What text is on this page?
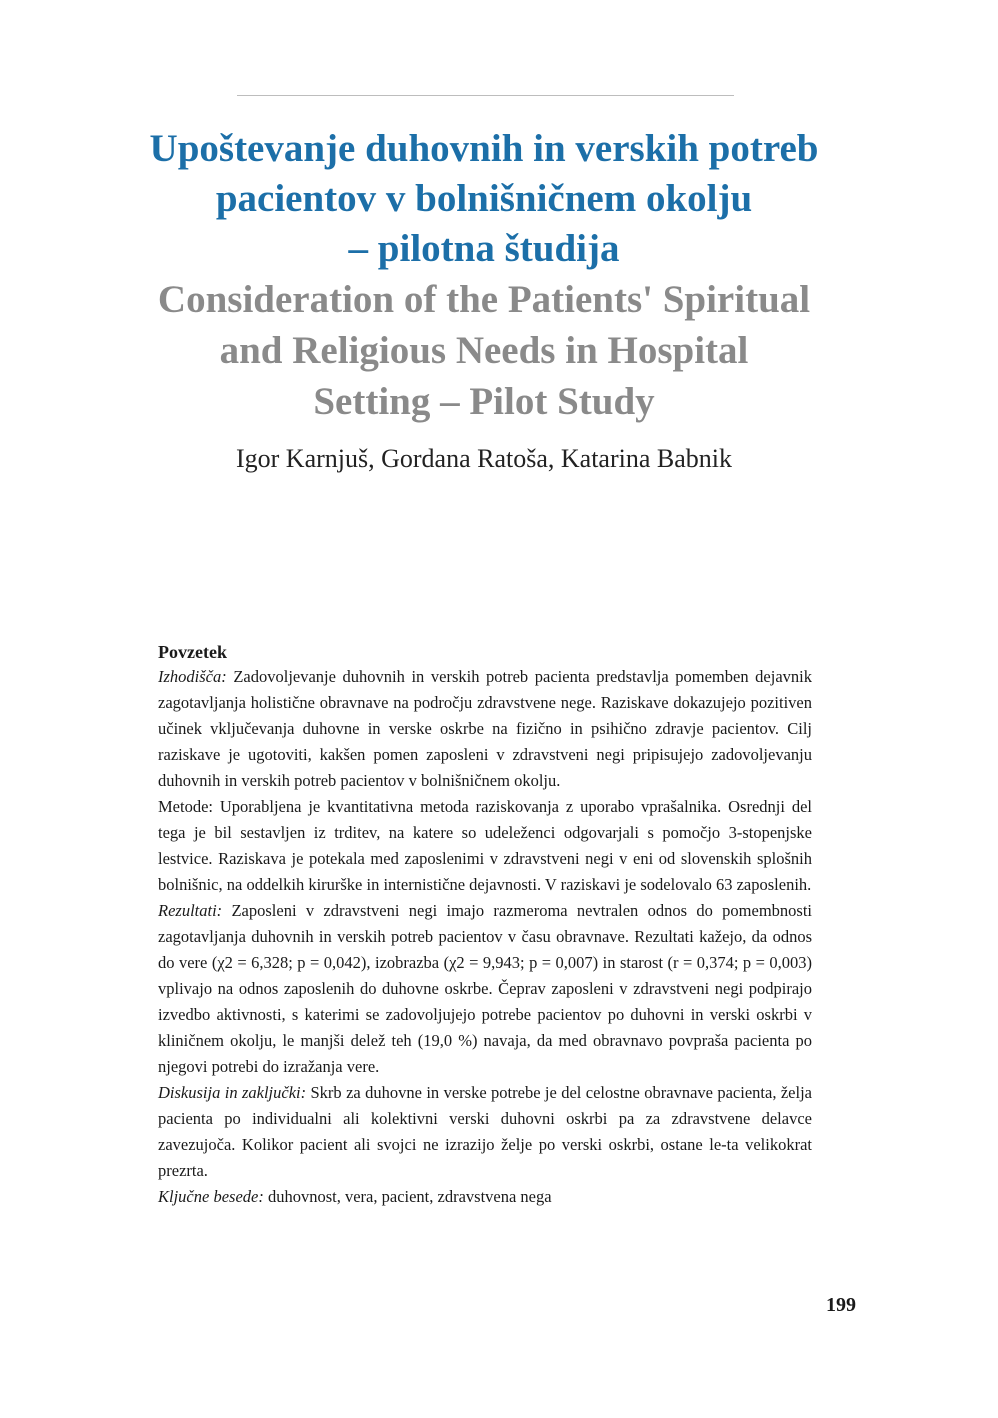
Upoštevanje duhovnih in verskih potreb
pacientov v bolnišničnem okolju
– pilotna študija
Consideration of the Patients' Spiritual
and Religious Needs in Hospital
Setting – Pilot Study

Igor Karnjuš, Gordana Ratoša, Katarina Babnik

Povzetek

Izhodišča: Zadovoljevanje duhovnih in verskih potreb pacienta predstavlja pomemben dejavnik zagotavljanja holistične obravnave na področju zdravstvene nege. Raziskave dokazujejo pozitiven učinek vključevanja duhovne in verske oskrbe na fizično in psihično zdravje pacientov. Cilj raziskave je ugotoviti, kakšen pomen zaposleni v zdravstveni negi pripisujejo zadovoljevanju duhovnih in verskih potreb pacientov v bolnišničnem okolju.

Metode: Uporabljena je kvantitativna metoda raziskovanja z uporabo vprašalnika. Osrednji del tega je bil sestavljen iz trditev, na katere so udeleženci odgovarjali s pomočjo 3-stopenjske lestvice. Raziskava je potekala med zaposlenimi v zdravstveni negi v eni od slovenskih splošnih bolnišnic, na oddelkih kirurške in internistične dejavnosti. V raziskavi je sodelovalo 63 zaposlenih.

Rezultati: Zaposleni v zdravstveni negi imajo razmeroma nevtralen odnos do pomembnosti zagotavljanja duhovnih in verskih potreb pacientov v času obravnave. Rezultati kažejo, da odnos do vere (χ2 = 6,328; p = 0,042), izobrazba (χ2 = 9,943; p = 0,007) in starost (r = 0,374; p = 0,003) vplivajo na odnos zaposlenih do duhovne oskrbe. Čeprav zaposleni v zdravstveni negi podpirajo izvedbo aktivnosti, s katerimi se zadovoljujejo potrebe pacientov po duhovni in verski oskrbi v kliničnem okolju, le manjši delež teh (19,0 %) navaja, da med obravnavo povpraša pacienta po njegovi potrebi do izražanja vere.

Diskusija in zaključki: Skrb za duhovne in verske potrebe je del celostne obravnave pacienta, želja pacienta po individualni ali kolektivni verski duhovni oskrbi pa za zdravstvene delavce zavezujoča. Kolikor pacient ali svojci ne izrazijo želje po verski oskrbi, ostane le-ta velikokrat prezrta.

Ključne besede: duhovnost, vera, pacient, zdravstvena nega

199
